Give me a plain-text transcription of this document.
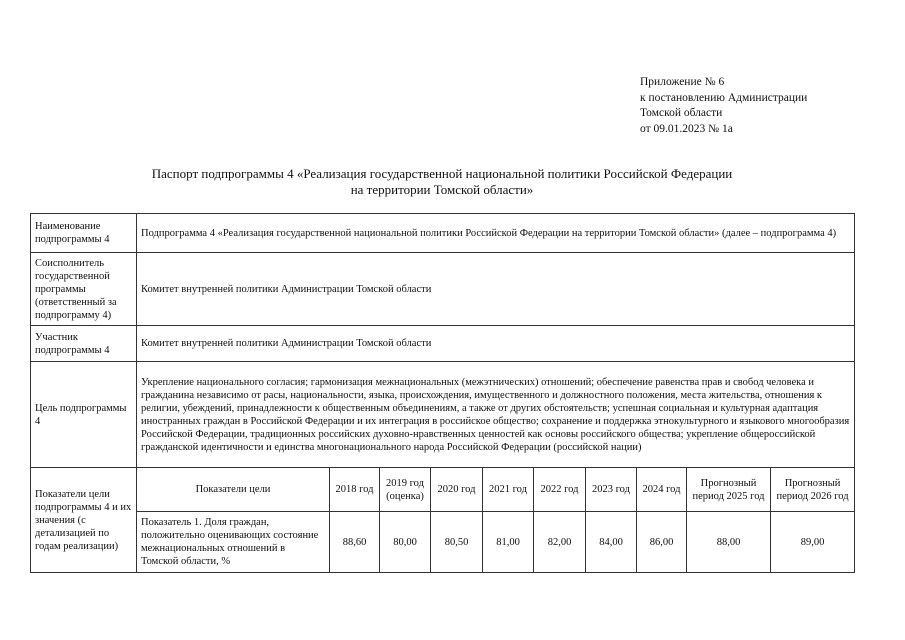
Приложение № 6
к постановлению Администрации
Томской области
от 09.01.2023 № 1а
Паспорт подпрограммы 4 «Реализация государственной национальной политики Российской Федерации
на территории Томской области»
Наименование подпрограммы 4	Подпрограмма 4 «Реализация государственной национальной политики Российской Федерации на территории Томской области» (далее – подпрограмма 4)									
Соисполнитель государственной программы (ответственный за подпрограмму 4)	Комитет внутренней политики Администрации Томской области									
Участник подпрограммы 4	Комитет внутренней политики Администрации Томской области									
Цель подпрограммы 4	Укрепление национального согласия; гармонизация межнациональных (межэтнических) отношений; обеспечение равенства прав и свобод человека и гражданина независимо от расы, национальности, языка, происхождения, имущественного и должностного положения, места жительства, отношения к религии, убеждений, принадлежности к общественным объединениям, а также от других обстоятельств; успешная социальная и культурная адаптация иностранных граждан в Российской Федерации и их интеграция в российское общество; сохранение и поддержка этнокультурного и языкового многообразия Российской Федерации, традиционных российских духовно-нравственных ценностей как основы российского общества; укрепление общероссийской гражданской идентичности и единства многонационального народа Российской Федерации (российской нации)									
Показатели цели подпрограммы 4 и их значения (с детализацией по годам реализации)	Показатели цели	2018 год	2019 год (оценка)	2020 год	2021 год	2022 год	2023 год	2024 год	Прогнозный период 2025 год	Прогнозный период 2026 год
	Показатель 1. Доля граждан, положительно оценивающих состояние межнациональных отношений в Томской области, %	88,60	80,00	80,50	81,00	82,00	84,00	86,00	88,00	89,00
